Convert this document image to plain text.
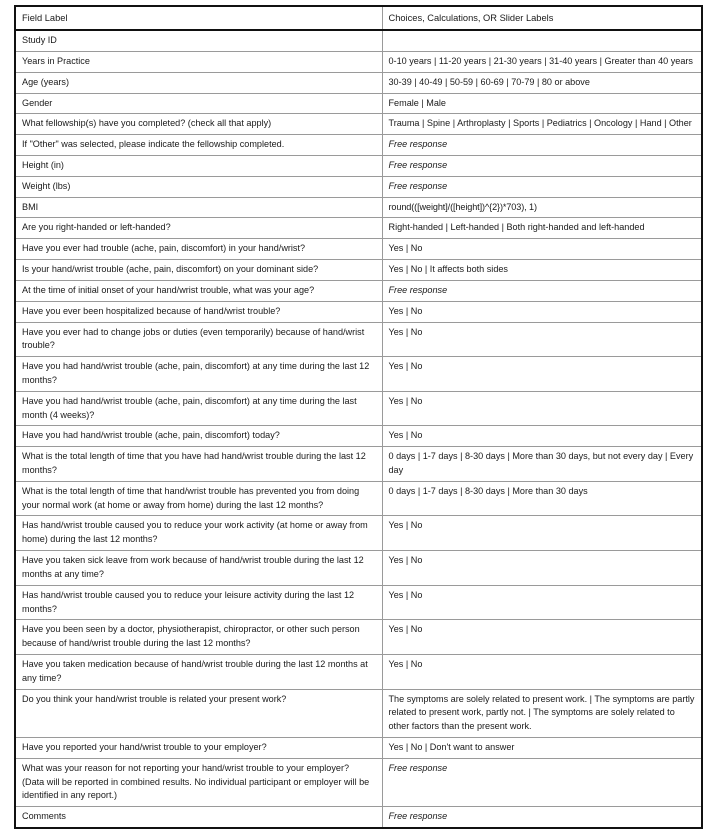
Field Label	Choices, Calculations, OR Slider Labels

Study ID	

Years in Practice	0-10 years | 11-20 years | 21-30 years | 31-40 years | Greater than 40 years

Age (years)	30-39 | 40-49 | 50-59 | 60-69 | 70-79 | 80 or above

Gender	Female | Male

What fellowship(s) have you completed? (check all that apply)	Trauma | Spine | Arthroplasty | Sports | Pediatrics | Oncology | Hand | Other

If "Other" was selected, please indicate the fellowship completed.	Free response

Height (in)	Free response

Weight (lbs)	Free response

BMI	round(([weight]/([height])^{2})*703), 1)

Are you right-handed or left-handed?	Right-handed | Left-handed | Both right-handed and left-handed

Have you ever had trouble (ache, pain, discomfort) in your hand/wrist?	Yes | No

Is your hand/wrist trouble (ache, pain, discomfort) on your dominant side?	Yes | No | It affects both sides

At the time of initial onset of your hand/wrist trouble, what was your age?	Free response

Have you ever been hospitalized because of hand/wrist trouble?	Yes | No

Have you ever had to change jobs or duties (even temporarily) because of hand/wrist trouble?	Yes | No

Have you had hand/wrist trouble (ache, pain, discomfort) at any time during the last 12 months?	Yes | No

Have you had hand/wrist trouble (ache, pain, discomfort) at any time during the last month (4 weeks)?	Yes | No

Have you had hand/wrist trouble (ache, pain, discomfort) today?	Yes | No

What is the total length of time that you have had hand/wrist trouble during the last 12 months?	0 days | 1-7 days | 8-30 days | More than 30 days, but not every day | Every day

What is the total length of time that hand/wrist trouble has prevented you from doing your normal work (at home or away from home) during the last 12 months?	0 days | 1-7 days | 8-30 days | More than 30 days

Has hand/wrist trouble caused you to reduce your work activity (at home or away from home) during the last 12 months?	Yes | No

Have you taken sick leave from work because of hand/wrist trouble during the last 12 months at any time?	Yes | No

Has hand/wrist trouble caused you to reduce your leisure activity during the last 12 months?	Yes | No

Have you been seen by a doctor, physiotherapist, chiropractor, or other such person because of hand/wrist trouble during the last 12 months?	Yes | No

Have you taken medication because of hand/wrist trouble during the last 12 months at any time?	Yes | No

Do you think your hand/wrist trouble is related your present work?	The symptoms are solely related to present work. | The symptoms are partly related to present work, partly not. | The symptoms are solely related to other factors than the present work.

Have you reported your hand/wrist trouble to your employer?	Yes | No | Don't want to answer

What was your reason for not reporting your hand/wrist trouble to your employer?
(Data will be reported in combined results. No individual participant or employer will be identified in any report.)	Free response

Comments	Free response
